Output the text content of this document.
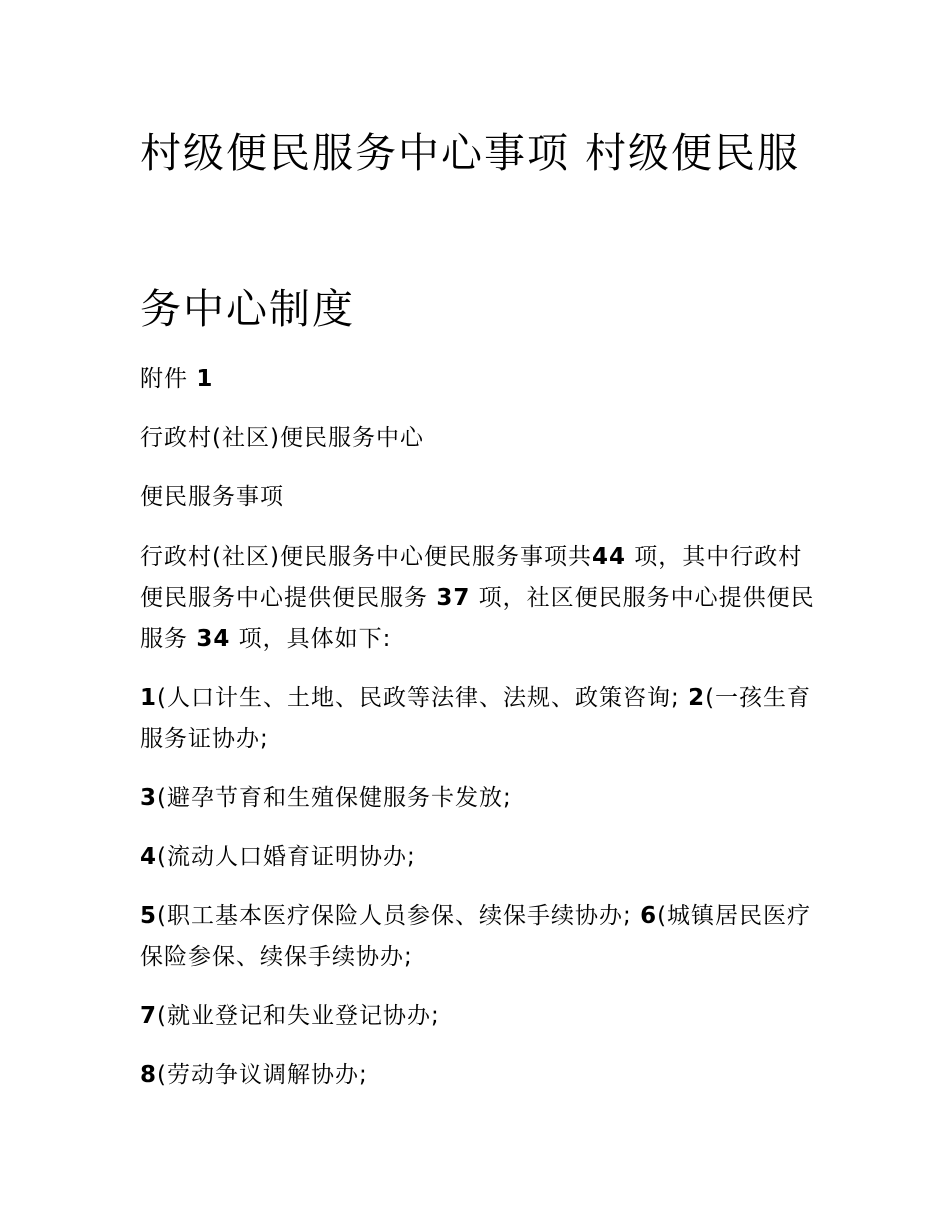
村级便民服务中心事项 村级便民服
务中心制度
附件 1
行政村(社区)便民服务中心
便民服务事项
行政村(社区)便民服务中心便民服务事项共44 项，其中行政村便民服务中心提供便民服务 37 项，社区便民服务中心提供便民服务 34 项，具体如下:
1(人口计生、土地、民政等法律、法规、政策咨询; 2(一孩生育服务证协办;
3(避孕节育和生殖保健服务卡发放;
4(流动人口婚育证明协办;
5(职工基本医疗保险人员参保、续保手续协办; 6(城镇居民医疗保险参保、续保手续协办;
7(就业登记和失业登记协办;
8(劳动争议调解协办;
